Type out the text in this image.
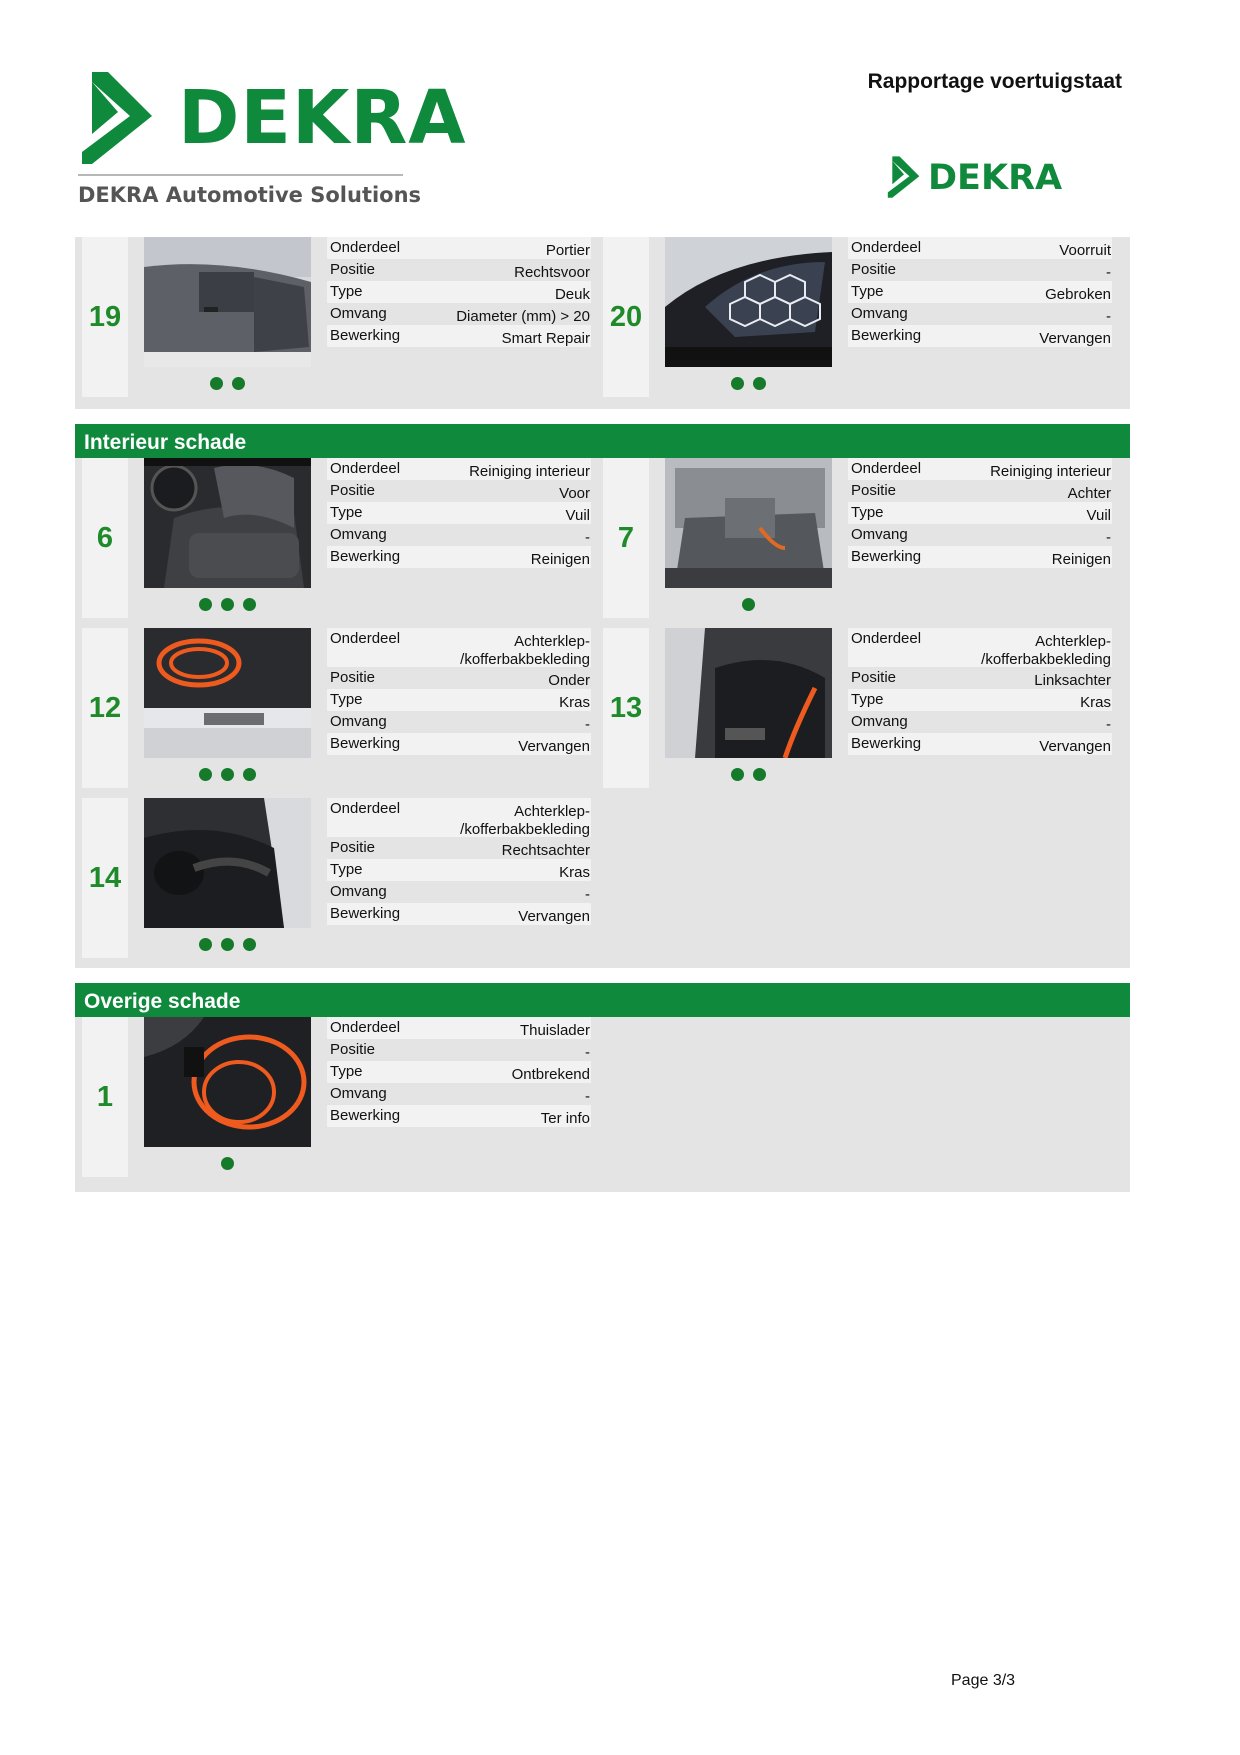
DEKRA
DEKRA Automotive Solutions
Rapportage voertuigstaat
DEKRA
19
Onderdeel	Portier
Positie	Rechtsvoor
Type	Deuk
Omvang	Diameter (mm) > 20
Bewerking	Smart Repair
20
Onderdeel	Voorruit
Positie	-
Type	Gebroken
Omvang	-
Bewerking	Vervangen
Interieur schade
6
Onderdeel	Reiniging interieur
Positie	Voor
Type	Vuil
Omvang	-
Bewerking	Reinigen
7
Onderdeel	Reiniging interieur
Positie	Achter
Type	Vuil
Omvang	-
Bewerking	Reinigen
12
Onderdeel	Achterklep-
/kofferbakbekleding
Positie	Onder
Type	Kras
Omvang	-
Bewerking	Vervangen
13
Onderdeel	Achterklep-
/kofferbakbekleding
Positie	Linksachter
Type	Kras
Omvang	-
Bewerking	Vervangen
14
Onderdeel	Achterklep-
/kofferbakbekleding
Positie	Rechtsachter
Type	Kras
Omvang	-
Bewerking	Vervangen
Overige schade
1
Onderdeel	Thuislader
Positie	-
Type	Ontbrekend
Omvang	-
Bewerking	Ter info
Page 3/3
